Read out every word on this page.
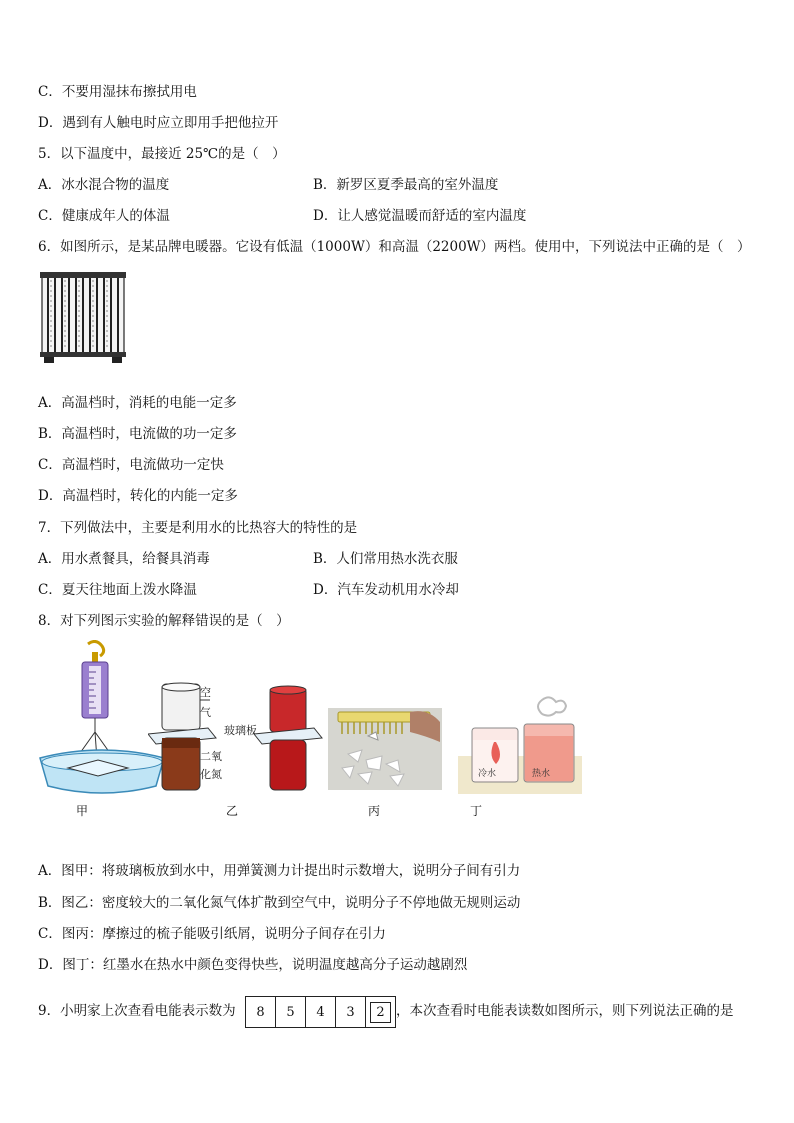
C．不要用湿抹布擦拭用电
D．遇到有人触电时应立即用手把他拉开
5．以下温度中，最接近 25℃的是（　）
A．冰水混合物的温度	B．新罗区夏季最高的室外温度
C．健康成年人的体温	D．让人感觉温暖而舒适的室内温度
6．如图所示，是某品牌电暖器。它设有低温（1000W）和高温（2200W）两档。使用中，下列说法中正确的是（　）
A．高温档时，消耗的电能一定多
B．高温档时，电流做的功一定多
C．高温档时，电流做功一定快
D．高温档时，转化的内能一定多
7．下列做法中，主要是利用水的比热容大的特性的是
A．用水煮餐具，给餐具消毒	B．人们常用热水洗衣服
C．夏天往地面上泼水降温	D．汽车发动机用水冷却
8．对下列图示实验的解释错误的是（　）
空
气
玻璃板
二氧
化氮	冷水	热水
甲	乙	丙	丁
A．图甲：将玻璃板放到水中，用弹簧测力计提出时示数增大，说明分子间有引力
B．图乙：密度较大的二氧化氮气体扩散到空气中，说明分子不停地做无规则运动
C．图丙：摩擦过的梳子能吸引纸屑，说明分子间存在引力
D．图丁：红墨水在热水中颜色变得快些，说明温度越高分子运动越剧烈
9．小明家上次查看电能表示数为	8	5	4	3	2 ，本次查看时电能表读数如图所示，则下列说法正确的是
